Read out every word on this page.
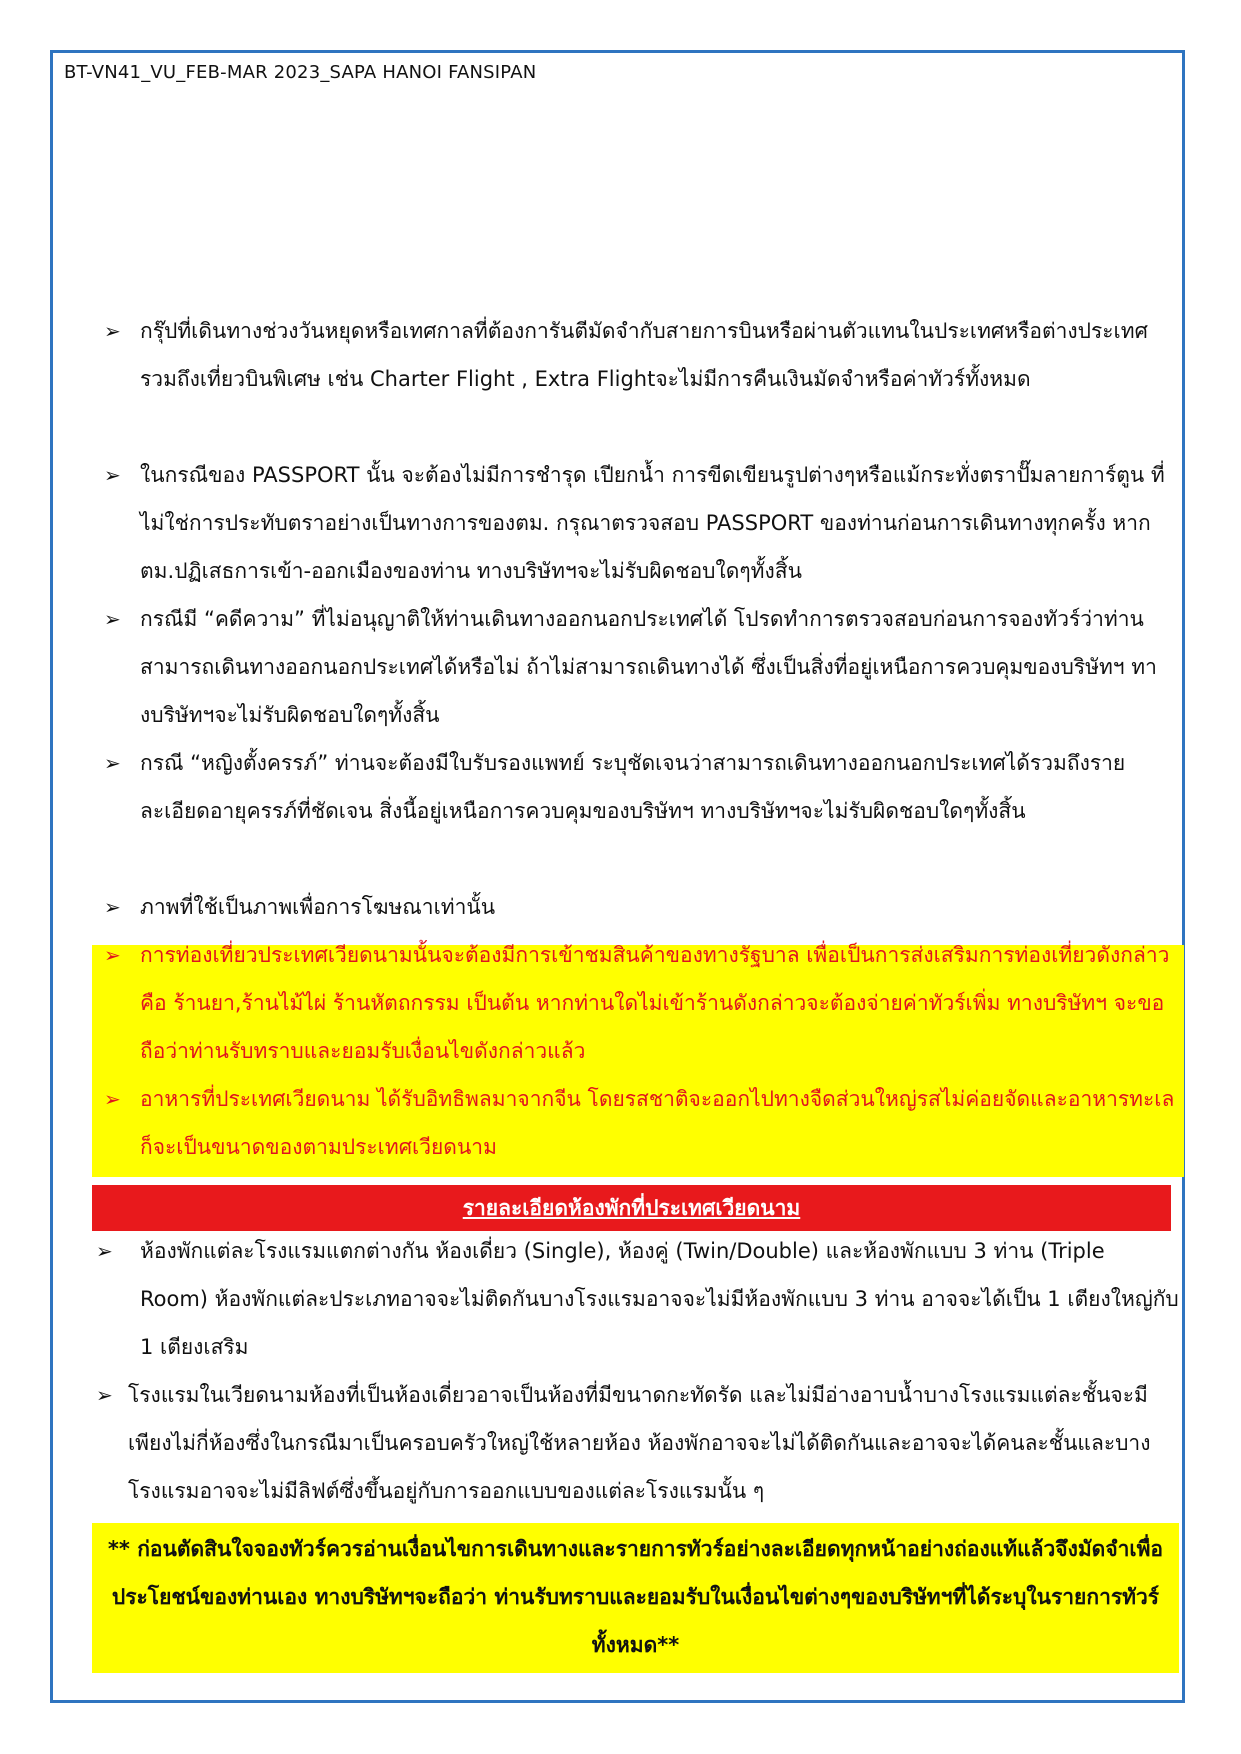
BT-VN41_VU_FEB-MAR 2023_SAPA HANOI FANSIPAN
➢ กรุ๊ปที่เดินทางช่วงวันหยุดหรือเทศกาลที่ต้องการันตีมัดจำกับสายการบินหรือผ่านตัวแทนในประเทศหรือต่างประเทศ รวมถึงเที่ยวบินพิเศษ เช่น Charter Flight , Extra Flightจะไม่มีการคืนเงินมัดจำหรือค่าทัวร์ทั้งหมด
➢ ในกรณีของ PASSPORT นั้น จะต้องไม่มีการชำรุด เปียกน้ำ การขีดเขียนรูปต่างๆหรือแม้กระทั่งตราปั๊มลายการ์ตูน ที่ไม่ใช่การประทับตราอย่างเป็นทางการของตม. กรุณาตรวจสอบ PASSPORT ของท่านก่อนการเดินทางทุกครั้ง หาก ตม.ปฏิเสธการเข้า-ออกเมืองของท่าน ทางบริษัทฯจะไม่รับผิดชอบใดๆทั้งสิ้น
➢ กรณีมี “คดีความ” ที่ไม่อนุญาติให้ท่านเดินทางออกนอกประเทศได้ โปรดทำการตรวจสอบก่อนการจองทัวร์ว่าท่านสามารถเดินทางออกนอกประเทศได้หรือไม่ ถ้าไม่สามารถเดินทางได้ ซึ่งเป็นสิ่งที่อยู่เหนือการควบคุมของบริษัทฯ ทางบริษัทฯจะไม่รับผิดชอบใดๆทั้งสิ้น
➢ กรณี “หญิงตั้งครรภ์” ท่านจะต้องมีใบรับรองแพทย์ ระบุชัดเจนว่าสามารถเดินทางออกนอกประเทศได้รวมถึงรายละเอียดอายุครรภ์ที่ชัดเจน สิ่งนี้อยู่เหนือการควบคุมของบริษัทฯ ทางบริษัทฯจะไม่รับผิดชอบใดๆทั้งสิ้น
➢ ภาพที่ใช้เป็นภาพเพื่อการโฆษณาเท่านั้น
➢ การท่องเที่ยวประเทศเวียดนามนั้นจะต้องมีการเข้าชมสินค้าของทางรัฐบาล เพื่อเป็นการส่งเสริมการท่องเที่ยวดังกล่าว คือ ร้านยา,ร้านไม้ไผ่ ร้านหัตถกรรม เป็นต้น หากท่านใดไม่เข้าร้านดังกล่าวจะต้องจ่ายค่าทัวร์เพิ่ม ทางบริษัทฯ จะขอถือว่าท่านรับทราบและยอมรับเงื่อนไขดังกล่าวแล้ว
➢ อาหารที่ประเทศเวียดนาม ได้รับอิทธิพลมาจากจีน โดยรสชาติจะออกไปทางจืดส่วนใหญ่รสไม่ค่อยจัดและอาหารทะเลก็จะเป็นขนาดของตามประเทศเวียดนาม
รายละเอียดห้องพักที่ประเทศเวียดนาม
➢	ห้องพักแต่ละโรงแรมแตกต่างกัน ห้องเดี่ยว (Single), ห้องคู่ (Twin/Double) และห้องพักแบบ 3 ท่าน (Triple Room) ห้องพักแต่ละประเภทอาจจะไม่ติดกันบางโรงแรมอาจจะไม่มีห้องพักแบบ 3 ท่าน อาจจะได้เป็น 1 เตียงใหญ่กับ 1 เตียงเสริม
➢ โรงแรมในเวียดนามห้องที่เป็นห้องเดี่ยวอาจเป็นห้องที่มีขนาดกะทัดรัด และไม่มีอ่างอาบน้ำบางโรงแรมแต่ละชั้นจะมี เพียงไม่กี่ห้องซึ่งในกรณีมาเป็นครอบครัวใหญ่ใช้หลายห้อง ห้องพักอาจจะไม่ได้ติดกันและอาจจะได้คนละชั้นและบาง โรงแรมอาจจะไม่มีลิฟต์ซึ่งขึ้นอยู่กับการออกแบบของแต่ละโรงแรมนั้น ๆ
** ก่อนตัดสินใจจองทัวร์ควรอ่านเงื่อนไขการเดินทางและรายการทัวร์อย่างละเอียดทุกหน้าอย่างถ่องแท้แล้วจึงมัดจำเพื่อประโยชน์ของท่านเอง ทางบริษัทฯจะถือว่า ท่านรับทราบและยอมรับในเงื่อนไขต่างๆของบริษัทฯที่ได้ระบุในรายการทัวร์ทั้งหมด**
